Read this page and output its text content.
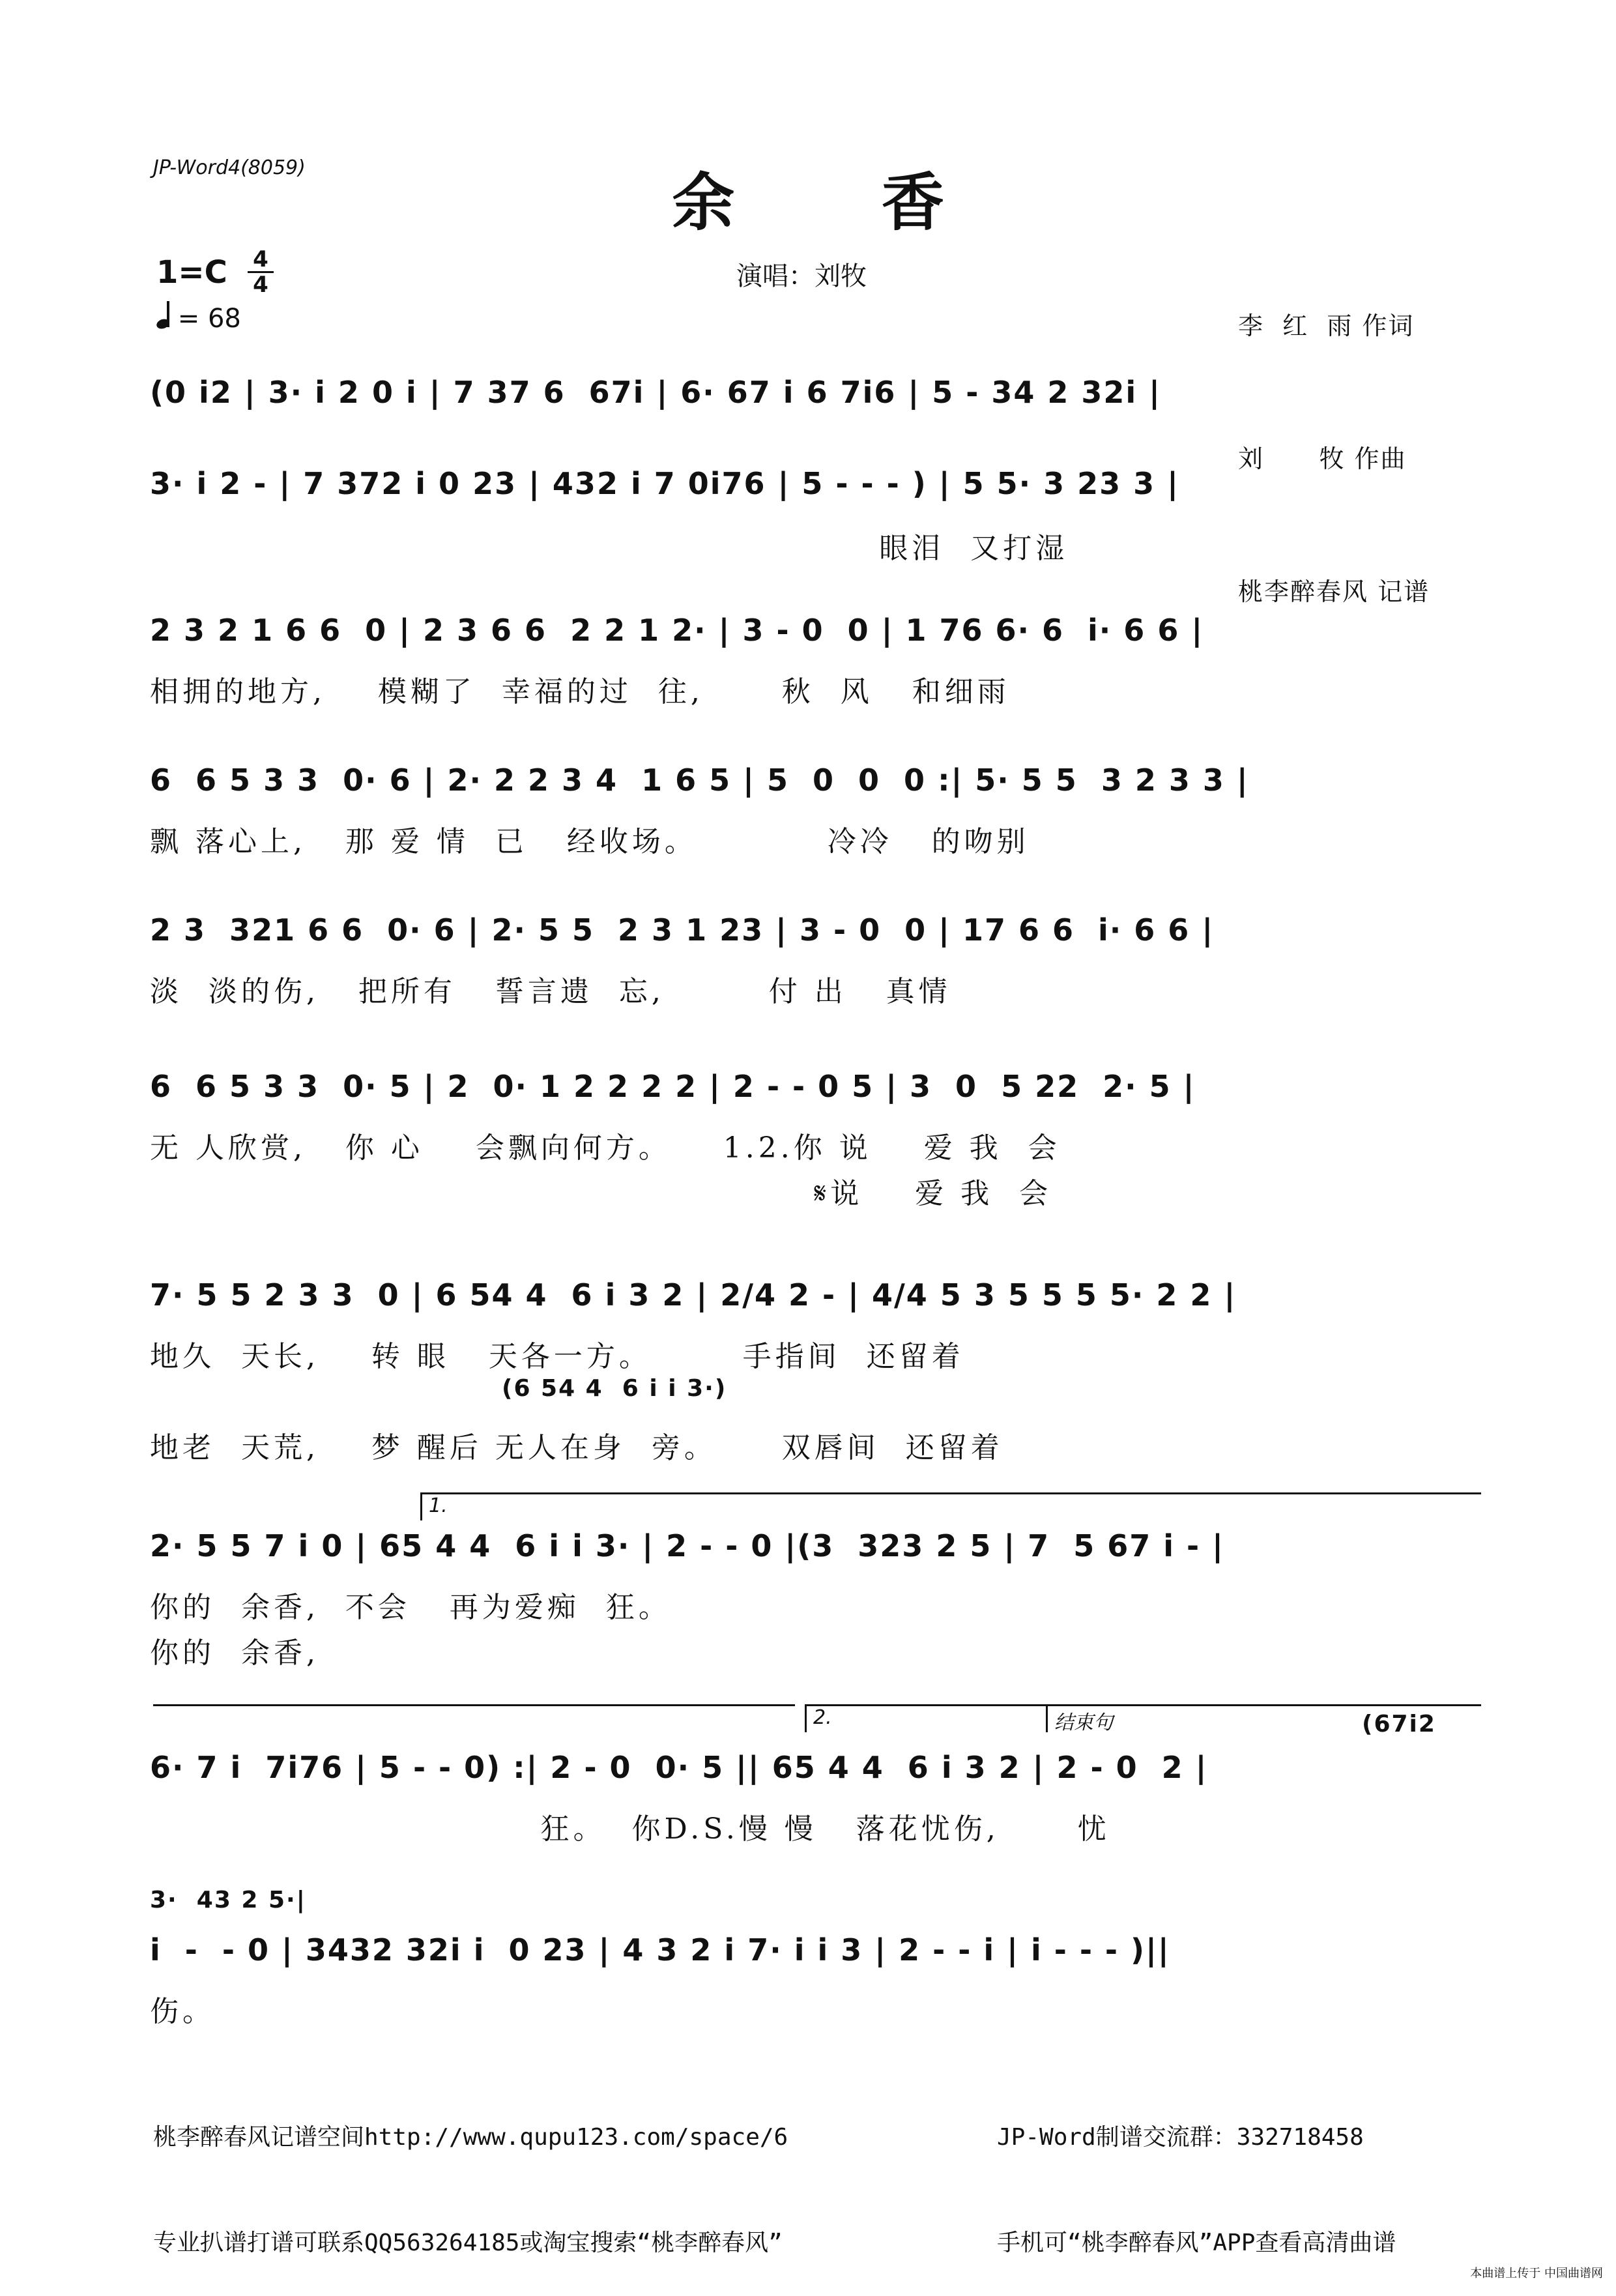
JP-Word4(8059)	余 香
演唱：刘牧

李  红  雨 作词

刘      牧 作曲

桃李醉春风 记谱

1=C 4
4
= 68
(0 i2 | 3· i 2 0 i | 7 37 6  67i | 6· 67 i 6 7i6 | 5 - 34 2 32i |
3· i 2 - | 7 372 i 0 23 | 432 i 7 0i76 | 5 - - - ) | 5 5· 3 23 3 |
眼泪  又打湿
2 3 2 1 6 6  0 | 2 3 6 6  2 2 1 2· | 3 - 0  0 | 1 76 6· 6  i· 6 6 |
相拥的地方,    模糊了  幸福的过  往,      秋  风   和细雨
6  6 5 3 3  0· 6 | 2· 2 2 3 4  1 6 5 | 5  0  0  0 :| 5· 5 5  3 2 3 3 |
飘 落心上,   那 爱 情  已   经收场。          冷冷   的吻别
2 3  321 6 6  0· 6 | 2· 5 5  2 3 1 23 | 3 - 0  0 | 17 6 6  i· 6 6 |
淡  淡的伤,   把所有   誓言遗  忘,        付 出   真情
6  6 5 3 3  0· 5 | 2  0· 1 2 2 2 2 | 2 - - 0 5 | 3  0  5 22  2· 5 |
无 人欣赏,   你 心    会飘向何方。    1.2.你 说    爱 我  会
𝄋说    爱 我  会
7· 5 5 2 3 3  0 | 6 54 4  6 i 3 2 | 2/4 2 - | 4/4 5 3 5 5 5 5· 2 2 |
地久  天长,    转 眼   天各一方。       手指间  还留着
(6 54 4  6 i i 3·)
地老  天荒,    梦 醒后 无人在身  旁。     双唇间  还留着
1.
2· 5 5 7 i 0 | 65 4 4  6 i i 3· | 2 - - 0 |(3  323 2 5 | 7  5 67 i - |
你的  余香,  不会   再为爱痴  狂。
你的  余香,
2.	结束句	(67i2
6· 7 i  7i76 | 5 - - 0) :| 2 - 0  0· 5 || 65 4 4  6 i 3 2 | 2 - 0  2 |
狂。  你D.S.慢 慢   落花忧伤,      忧
3·  43 2 5·|
i  -  - 0 | 3432 32i i  0 23 | 4 3 2 i 7· i i 3 | 2 - - i | i - - - )||
伤。

桃李醉春风记谱空间http://www.qupu123.com/space/6

专业扒谱打谱可联系QQ563264185或淘宝搜索“桃李醉春风”

JP-Word制谱交流群：332718458

手机可“桃李醉春风”APP查看高清曲谱

本曲谱上传于 中国曲谱网
